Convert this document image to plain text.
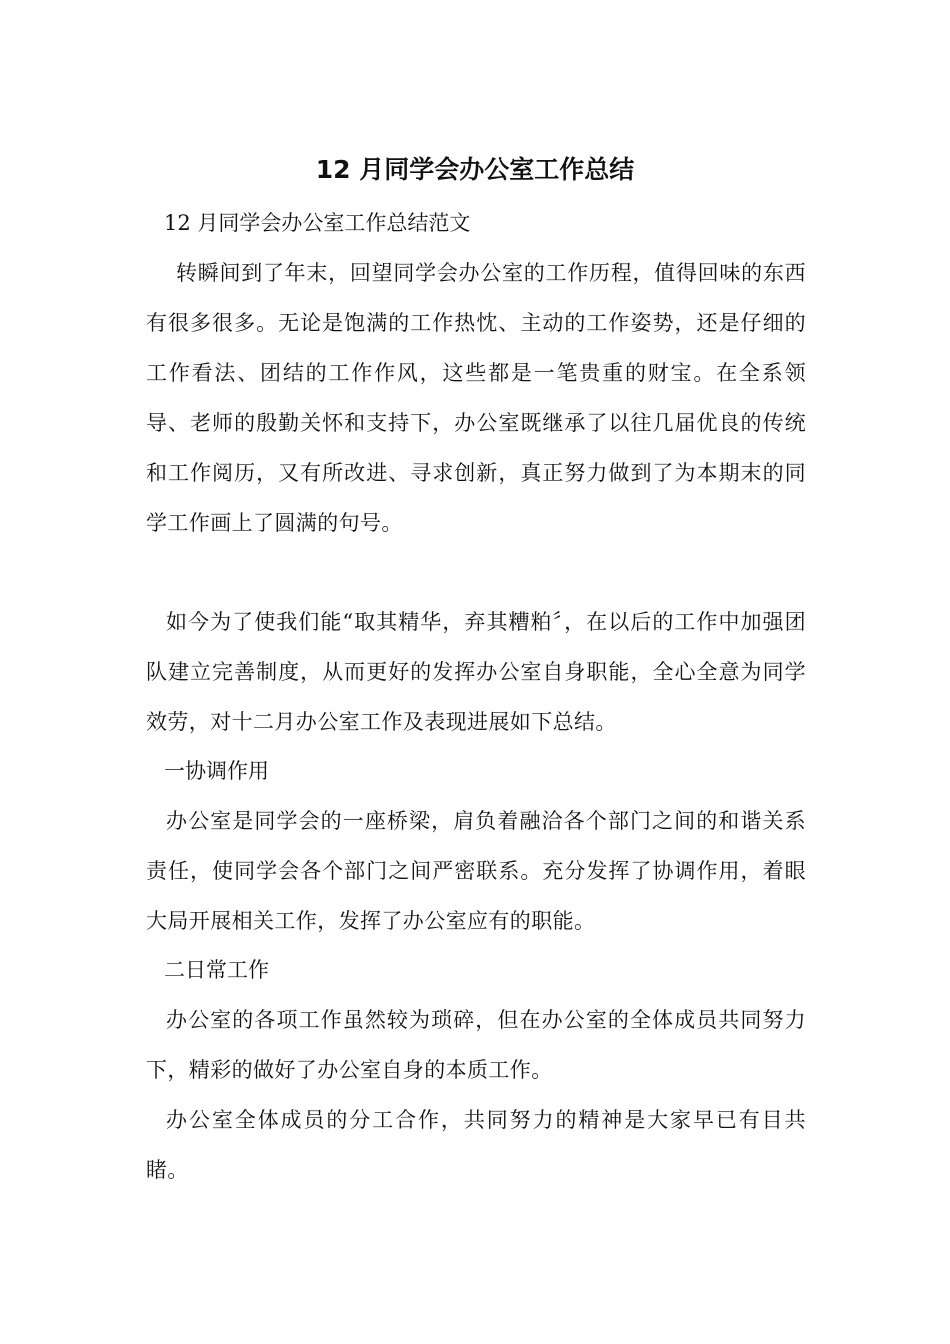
12 月同学会办公室工作总结
12 月同学会办公室工作总结范文
转瞬间到了年末，回望同学会办公室的工作历程，值得回味的东西有很多很多。无论是饱满的工作热忱、主动的工作姿势，还是仔细的工作看法、团结的工作作风，这些都是一笔贵重的财宝。在全系领导、老师的殷勤关怀和支持下，办公室既继承了以往几届优良的传统和工作阅历，又有所改进、寻求创新，真正努力做到了为本期末的同学工作画上了圆满的句号。
如今为了使我们能“取其精华，弃其糟粕〞，在以后的工作中加强团队建立完善制度，从而更好的发挥办公室自身职能，全心全意为同学效劳，对十二月办公室工作及表现进展如下总结。
一协调作用
办公室是同学会的一座桥梁，肩负着融洽各个部门之间的和谐关系责任，使同学会各个部门之间严密联系。充分发挥了协调作用，着眼大局开展相关工作，发挥了办公室应有的职能。
二日常工作
办公室的各项工作虽然较为琐碎，但在办公室的全体成员共同努力下，精彩的做好了办公室自身的本质工作。
办公室全体成员的分工合作，共同努力的精神是大家早已有目共睹。
